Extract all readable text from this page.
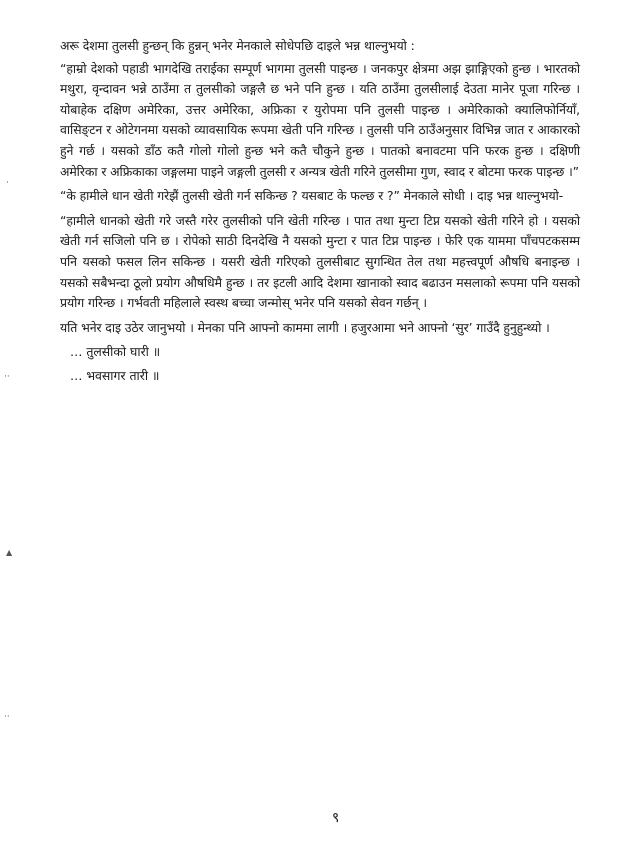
अरू देशमा तुलसी हुन्छन् कि हुन्नन् भनेर मेनकाले सोधेपछि दाइले भन्न थाल्नुभयो :

“हाम्रो देशको पहाडी भागदेखि तराईका सम्पूर्ण भागमा तुलसी पाइन्छ । जनकपुर क्षेत्रमा अझ झाङ्गिएको हुन्छ । भारतको मथुरा, वृन्दावन भन्ने ठाउँमा त तुलसीको जङ्गलै छ भने पनि हुन्छ । यति ठाउँमा तुलसीलाई देउता मानेर पूजा गरिन्छ । योबाहेक दक्षिण अमेरिका, उत्तर अमेरिका, अफ्रिका र युरोपमा पनि तुलसी पाइन्छ । अमेरिकाको क्यालिफोर्नियाँ, वासिङ्टन र ओटेगनमा यसको व्यावसायिक रूपमा खेती पनि गरिन्छ । तुलसी पनि ठाउँअनुसार विभिन्न जात र आकारको हुने गर्छ । यसको डाँठ कतै गोलो गोलो हुन्छ भने कतै चौकुने हुन्छ । पातको बनावटमा पनि फरक हुन्छ । दक्षिणी अमेरिका र अफ्रिकाका जङ्गलमा पाइने जङ्गली तुलसी र अन्यत्र खेती गरिने तुलसीमा गुण, स्वाद र बोटमा फरक पाइन्छ ।”

“के हामीले धान खेती गरेझैं तुलसी खेती गर्न सकिन्छ ? यसबाट के फल्छ र ?” मेनकाले सोधी । दाइ भन्न थाल्नुभयो-

“हामीले धानको खेती गरे जस्तै गरेर तुलसीको पनि खेती गरिन्छ । पात तथा मुन्टा टिप्न यसको खेती गरिने हो । यसको खेती गर्न सजिलो पनि छ । रोपेको साठी दिनदेखि नै यसको मुन्टा र पात टिप्न पाइन्छ । फेरि एक याममा पाँचपटकसम्म पनि यसको फसल लिन सकिन्छ । यसरी खेती गरिएको तुलसीबाट सुगन्धित तेल तथा महत्त्वपूर्ण औषधि बनाइन्छ । यसको सबैभन्दा ठूलो प्रयोग औषधिमै हुन्छ । तर इटली आदि देशमा खानाको स्वाद बढाउन मसलाको रूपमा पनि यसको प्रयोग गरिन्छ । गर्भवती महिलाले स्वस्थ बच्चा जन्मोस् भनेर पनि यसको सेवन गर्छन् ।

यति भनेर दाइ उठेर जानुभयो । मेनका पनि आफ्नो काममा लागी । हजुरआमा भने आफ्नो ‘सुर’ गाउँदै हुनुहुन्थ्यो ।

… तुलसीको घारी ॥

… भवसागर तारी ॥

·
··
▲
··
९
